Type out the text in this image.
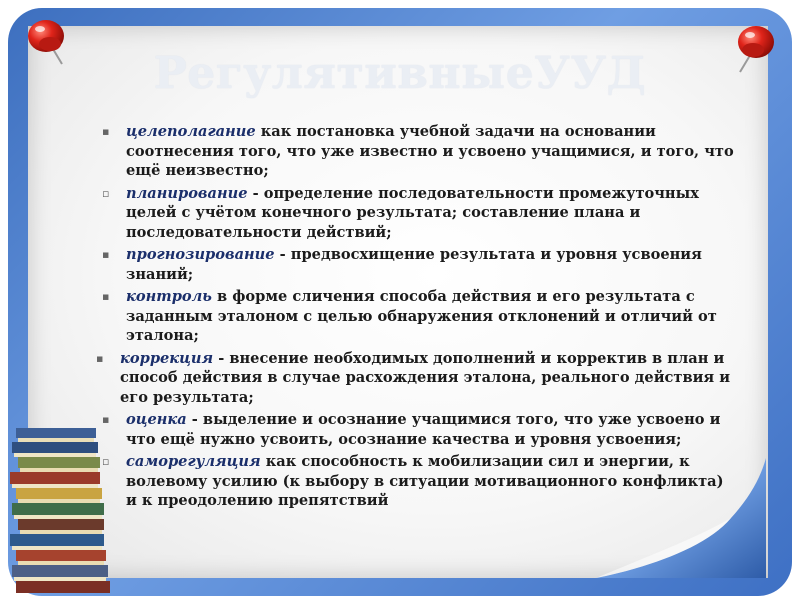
РегулятивныеУУД
▪ целеполагание как постановка учебной задачи на основании соотнесения того, что уже известно и усвоено учащимися, и того, что ещё неизвестно;
▫ планирование - определение последовательности промежуточных целей с учётом конечного результата; составление плана и последовательности действий;
▪ прогнозирование - предвосхищение результата и уровня усвоения знаний;
▪ контроль в форме сличения способа действия и его результата с заданным эталоном с целью обнаружения отклонений и отличий от эталона;
▪ коррекция - внесение необходимых дополнений и корректив в план и способ действия в случае расхождения эталона, реального действия и его результата;
▪ оценка - выделение и осознание учащимися того, что уже усвоено и что ещё нужно усвоить, осознание качества и уровня усвоения;
▫ саморегуляция как способность к мобилизации сил и энергии, к волевому усилию (к выбору в ситуации мотивационного конфликта) и к преодолению препятствий
